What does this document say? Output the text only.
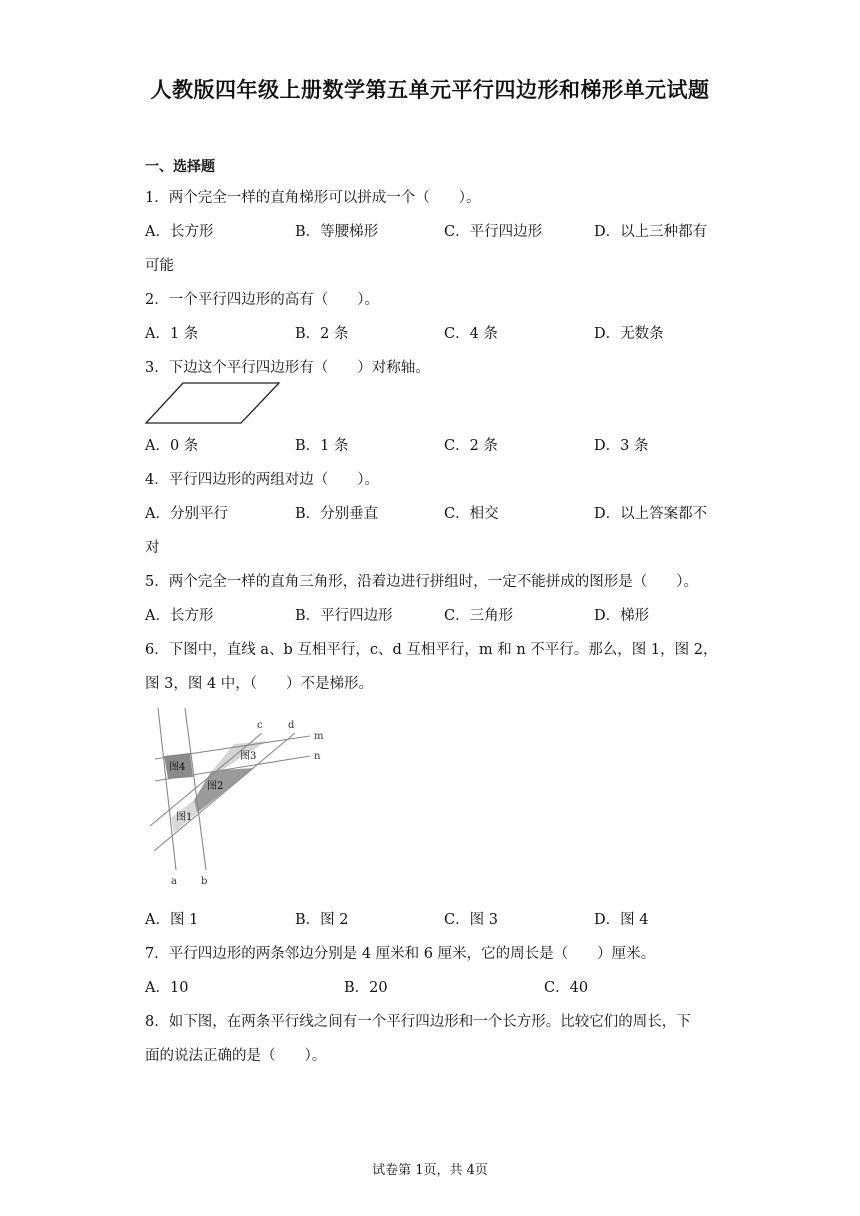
人教版四年级上册数学第五单元平行四边形和梯形单元试题
一、选择题
1．两个完全一样的直角梯形可以拼成一个（　　）。
A．长方形	B．等腰梯形	C．平行四边形	D．以上三种都有
可能
2．一个平行四边形的高有（　　）。
A．1 条	B．2 条	C．4 条	D．无数条
3．下边这个平行四边形有（　　）对称轴。
A．0 条	B．1 条	C．2 条	D．3 条
4．平行四边形的两组对边（　　）。
A．分别平行	B．分别垂直	C．相交	D．以上答案都不
对
5．两个完全一样的直角三角形，沿着边进行拼组时，一定不能拼成的图形是（　　）。
A．长方形	B．平行四边形	C．三角形	D．梯形
6．下图中，直线 a、b 互相平行，c、d 互相平行，m 和 n 不平行。那么，图 1，图 2，
图 3，图 4 中，（　　）不是梯形。
c	d
m
n
a b
图4
图3
图2
图1
A．图 1	B．图 2	C．图 3	D．图 4
7．平行四边形的两条邻边分别是 4 厘米和 6 厘米，它的周长是（　　）厘米。
A．10	B．20	C．40
8．如下图，在两条平行线之间有一个平行四边形和一个长方形。比较它们的周长，下
面的说法正确的是（　　）。
试卷第 1页，共 4页
